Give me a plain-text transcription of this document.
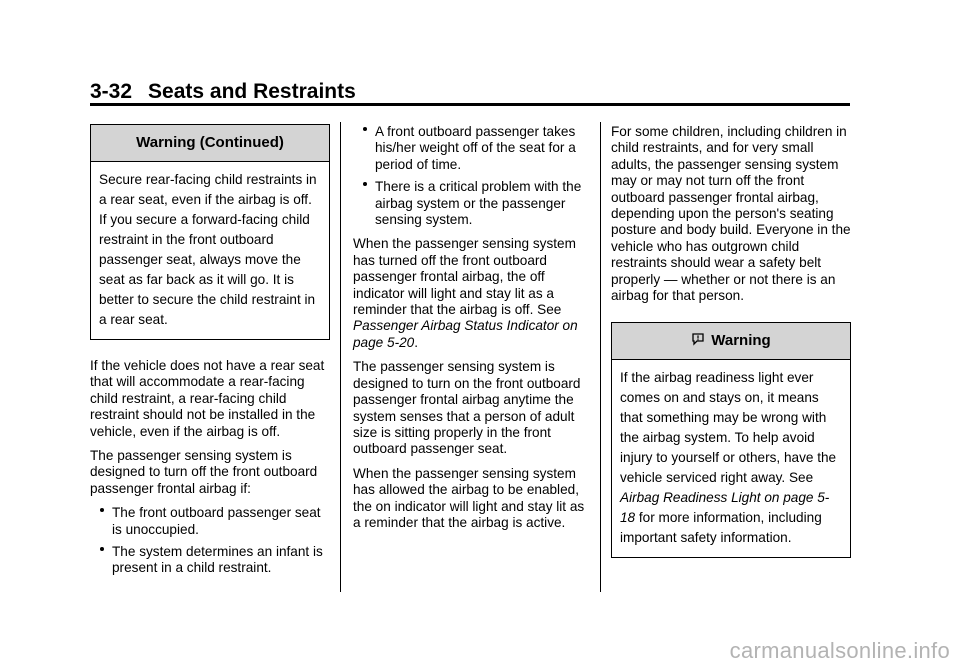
3-32 Seats and Restraints
Warning (Continued)
Secure rear-facing child restraints in a rear seat, even if the airbag is off. If you secure a forward-facing child restraint in the front outboard passenger seat, always move the seat as far back as it will go. It is better to secure the child restraint in a rear seat.

If the vehicle does not have a rear seat that will accommodate a rear-facing child restraint, a rear-facing child restraint should not be installed in the vehicle, even if the airbag is off.

The passenger sensing system is designed to turn off the front outboard passenger frontal airbag if:

The front outboard passenger seat is unoccupied.
The system determines an infant is present in a child restraint.
A front outboard passenger takes his/her weight off of the seat for a period of time.
There is a critical problem with the airbag system or the passenger sensing system.

When the passenger sensing system has turned off the front outboard passenger frontal airbag, the off indicator will light and stay lit as a reminder that the airbag is off. See Passenger Airbag Status Indicator on page 5-20.

The passenger sensing system is designed to turn on the front outboard passenger frontal airbag anytime the system senses that a person of adult size is sitting properly in the front outboard passenger seat.

When the passenger sensing system has allowed the airbag to be enabled, the on indicator will light and stay lit as a reminder that the airbag is active.

For some children, including children in child restraints, and for very small adults, the passenger sensing system may or may not turn off the front outboard passenger frontal airbag, depending upon the person's seating posture and body build. Everyone in the vehicle who has outgrown child restraints should wear a safety belt properly — whether or not there is an airbag for that person.

Warning
If the airbag readiness light ever comes on and stays on, it means that something may be wrong with the airbag system. To help avoid injury to yourself or others, have the vehicle serviced right away. See Airbag Readiness Light on page 5-18 for more information, including important safety information.
carmanualsonline.info
